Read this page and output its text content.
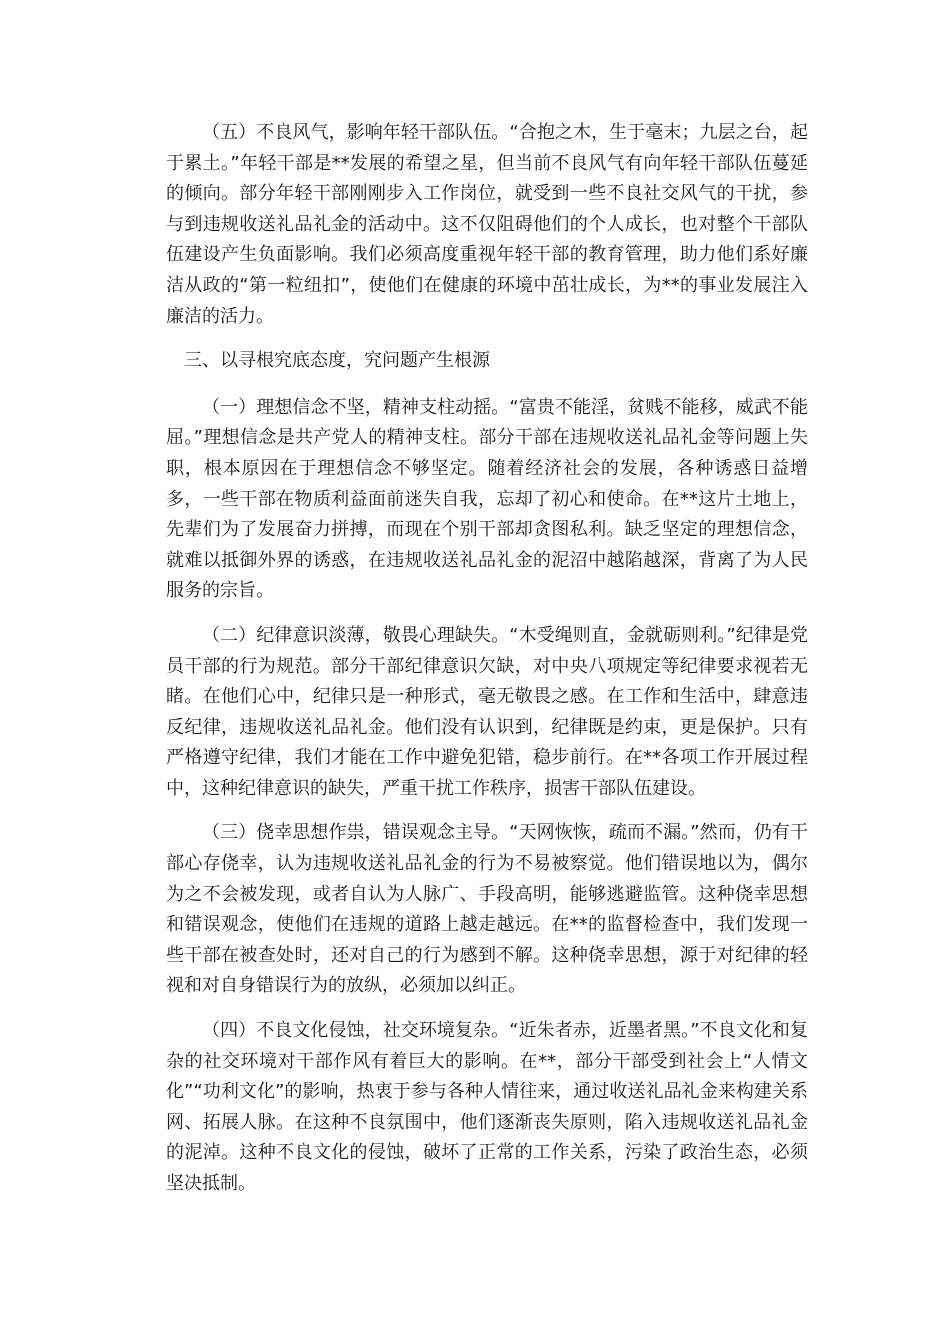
（五）不良风气，影响年轻干部队伍。“合抱之木，生于毫末；九层之台，起于累土。”年轻干部是**发展的希望之星，但当前不良风气有向年轻干部队伍蔓延的倾向。部分年轻干部刚刚步入工作岗位，就受到一些不良社交风气的干扰，参与到违规收送礼品礼金的活动中。这不仅阻碍他们的个人成长，也对整个干部队伍建设产生负面影响。我们必须高度重视年轻干部的教育管理，助力他们系好廉洁从政的“第一粒纽扣”，使他们在健康的环境中茁壮成长，为**的事业发展注入廉洁的活力。

三、以寻根究底态度，究问题产生根源

（一）理想信念不坚，精神支柱动摇。“富贵不能淫，贫贱不能移，威武不能屈。”理想信念是共产党人的精神支柱。部分干部在违规收送礼品礼金等问题上失职，根本原因在于理想信念不够坚定。随着经济社会的发展，各种诱惑日益增多，一些干部在物质利益面前迷失自我，忘却了初心和使命。在**这片土地上，先辈们为了发展奋力拼搏，而现在个别干部却贪图私利。缺乏坚定的理想信念，就难以抵御外界的诱惑，在违规收送礼品礼金的泥沼中越陷越深，背离了为人民服务的宗旨。

（二）纪律意识淡薄，敬畏心理缺失。“木受绳则直，金就砺则利。”纪律是党员干部的行为规范。部分干部纪律意识欠缺，对中央八项规定等纪律要求视若无睹。在他们心中，纪律只是一种形式，毫无敬畏之感。在工作和生活中，肆意违反纪律，违规收送礼品礼金。他们没有认识到，纪律既是约束，更是保护。只有严格遵守纪律，我们才能在工作中避免犯错，稳步前行。在**各项工作开展过程中，这种纪律意识的缺失，严重干扰工作秩序，损害干部队伍建设。

（三）侥幸思想作祟，错误观念主导。“天网恢恢，疏而不漏。”然而，仍有干部心存侥幸，认为违规收送礼品礼金的行为不易被察觉。他们错误地以为，偶尔为之不会被发现，或者自认为人脉广、手段高明，能够逃避监管。这种侥幸思想和错误观念，使他们在违规的道路上越走越远。在**的监督检查中，我们发现一些干部在被查处时，还对自己的行为感到不解。这种侥幸思想，源于对纪律的轻视和对自身错误行为的放纵，必须加以纠正。

（四）不良文化侵蚀，社交环境复杂。“近朱者赤，近墨者黑。”不良文化和复杂的社交环境对干部作风有着巨大的影响。在**，部分干部受到社会上“人情文化”“功利文化”的影响，热衷于参与各种人情往来，通过收送礼品礼金来构建关系网、拓展人脉。在这种不良氛围中，他们逐渐丧失原则，陷入违规收送礼品礼金的泥淖。这种不良文化的侵蚀，破坏了正常的工作关系，污染了政治生态，必须坚决抵制。
